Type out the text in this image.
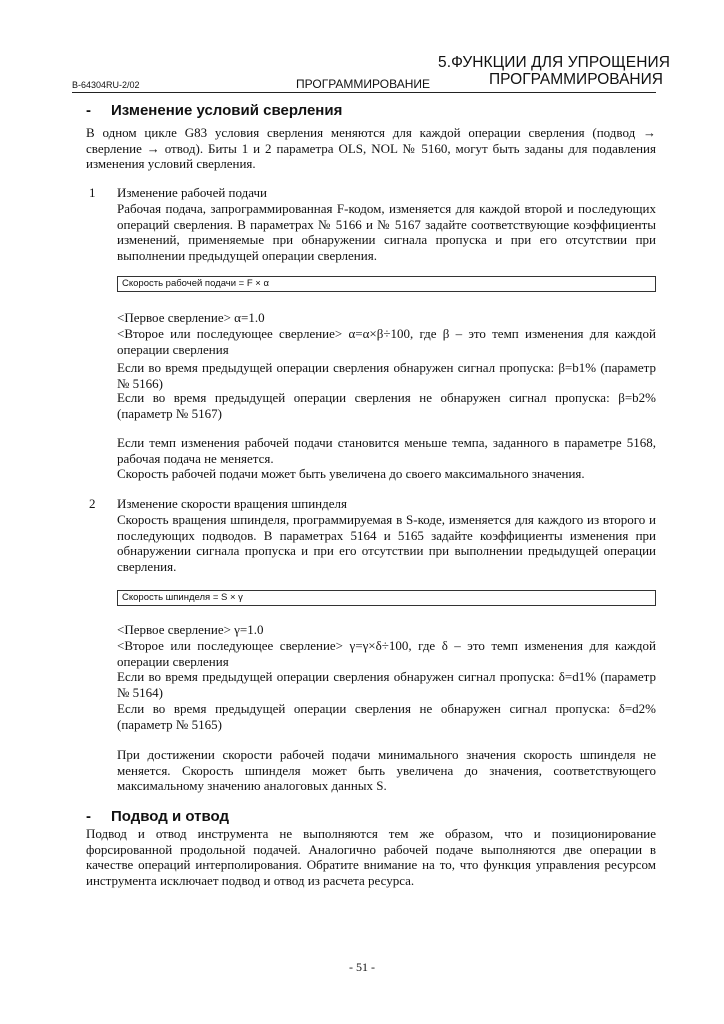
5.ФУНКЦИИ ДЛЯ УПРОЩЕНИЯ
B-64304RU-2/02	ПРОГРАММИРОВАНИЕ	ПРОГРАММИРОВАНИЯ
- Изменение условий сверления
В одном цикле G83 условия сверления меняются для каждой операции сверления (подвод → сверление → отвод). Биты 1 и 2 параметра OLS, NOL № 5160, могут быть заданы для подавления изменения условий сверления.
1 Изменение рабочей подачи
Рабочая подача, запрограммированная F-кодом, изменяется для каждой второй и последующих операций сверления. В параметрах № 5166 и № 5167 задайте соответствующие коэффициенты изменений, применяемые при обнаружении сигнала пропуска и при его отсутствии при выполнении предыдущей операции сверления.
Скорость рабочей подачи = F × α
<Первое сверление> α=1.0
<Второе или последующее сверление> α=α×β÷100, где β – это темп изменения для каждой операции сверления
Если во время предыдущей операции сверления обнаружен сигнал пропуска: β=b1% (параметр № 5166)
Если во время предыдущей операции сверления не обнаружен сигнал пропуска: β=b2% (параметр № 5167)
Если темп изменения рабочей подачи становится меньше темпа, заданного в параметре 5168, рабочая подача не меняется.
Скорость рабочей подачи может быть увеличена до своего максимального значения.
2 Изменение скорости вращения шпинделя
Скорость вращения шпинделя, программируемая в S-коде, изменяется для каждого из второго и последующих подводов. В параметрах 5164 и 5165 задайте коэффициенты изменения при обнаружении сигнала пропуска и при его отсутствии при выполнении предыдущей операции сверления.
Скорость шпинделя = S × γ
<Первое сверление> γ=1.0
<Второе или последующее сверление> γ=γ×δ÷100, где δ – это темп изменения для каждой операции сверления
Если во время предыдущей операции сверления обнаружен сигнал пропуска: δ=d1% (параметр № 5164)
Если во время предыдущей операции сверления не обнаружен сигнал пропуска: δ=d2% (параметр № 5165)
При достижении скорости рабочей подачи минимального значения скорость шпинделя не меняется. Скорость шпинделя может быть увеличена до значения, соответствующего максимальному значению аналоговых данных S.
- Подвод и отвод
Подвод и отвод инструмента не выполняются тем же образом, что и позиционирование форсированной продольной подачей. Аналогично рабочей подаче выполняются две операции в качестве операций интерполирования. Обратите внимание на то, что функция управления ресурсом инструмента исключает подвод и отвод из расчета ресурса.
- 51 -
